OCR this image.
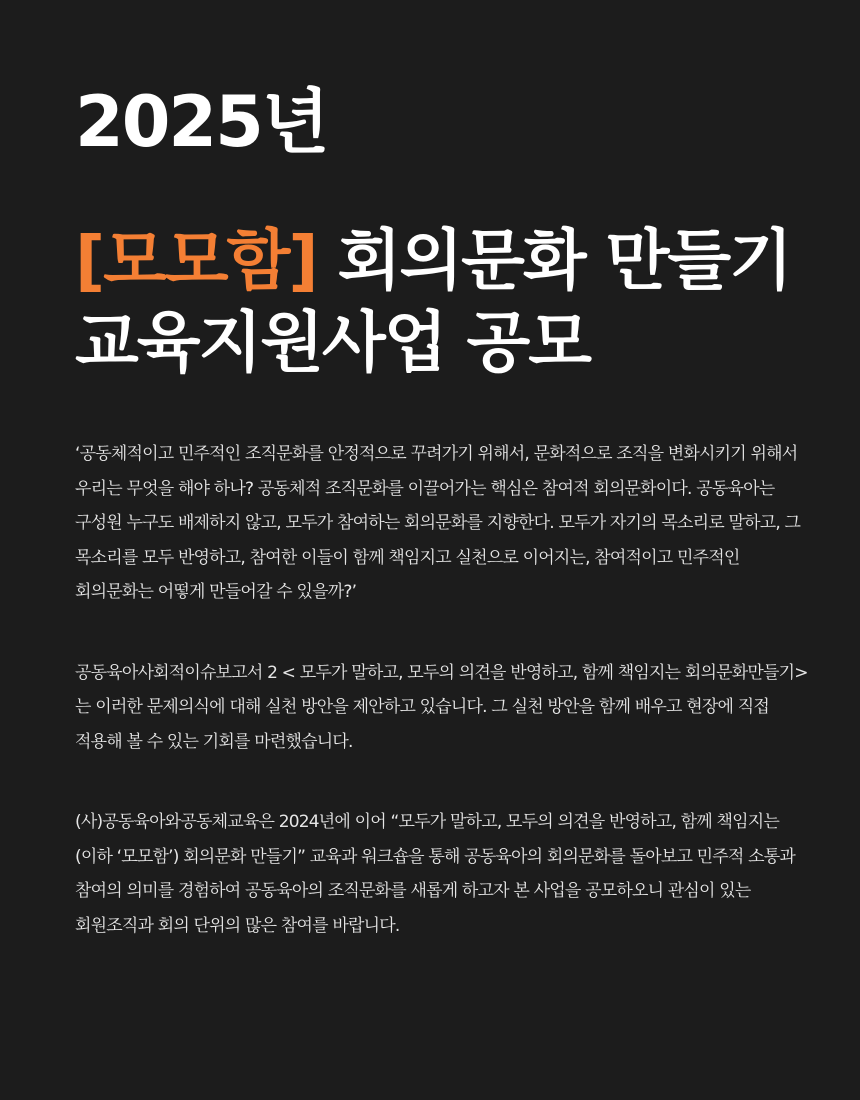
2025년
[모모함] 회의문화 만들기
교육지원사업 공모

‘공동체적이고 민주적인 조직문화를 안정적으로 꾸려가기 위해서, 문화적으로 조직을 변화시키기 위해서 우리는 무엇을 해야 하나? 공동체적 조직문화를 이끌어가는 핵심은 참여적 회의문화이다. 공동육아는 구성원 누구도 배제하지 않고, 모두가 참여하는 회의문화를 지향한다. 모두가 자기의 목소리로 말하고, 그 목소리를 모두 반영하고, 참여한 이들이 함께 책임지고 실천으로 이어지는, 참여적이고 민주적인 회의문화는 어떻게 만들어갈 수 있을까?’

공동육아사회적이슈보고서 2 < 모두가 말하고, 모두의 의견을 반영하고, 함께 책임지는 회의문화만들기>는 이러한 문제의식에 대해 실천 방안을 제안하고 있습니다. 그 실천 방안을 함께 배우고 현장에 직접 적용해 볼 수 있는 기회를 마련했습니다.

(사)공동육아와공동체교육은 2024년에 이어 “모두가 말하고, 모두의 의견을 반영하고, 함께 책임지는 (이하 ‘모모함’) 회의문화 만들기” 교육과 워크숍을 통해 공동육아의 회의문화를 돌아보고 민주적 소통과 참여의 의미를 경험하여 공동육아의 조직문화를 새롭게 하고자 본 사업을 공모하오니 관심이 있는 회원조직과 회의 단위의 많은 참여를 바랍니다.
